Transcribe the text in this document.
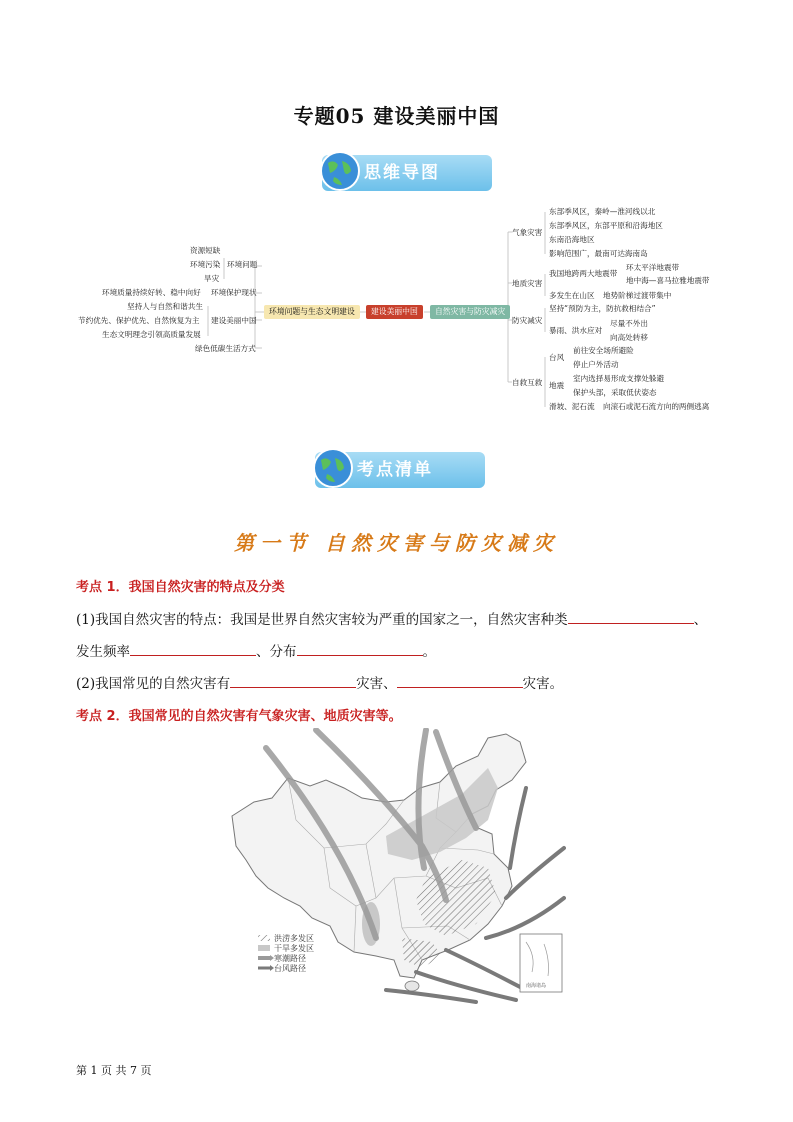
专题05 建设美丽中国
思维导图
环境问题与生态文明建设	建设美丽中国	自然灾害与防灾减灾
资源短缺
环境污染
旱灾
环境问题
环境质量持续好转、稳中向好 环境保护现状
坚持人与自然和谐共生
节约优先、保护优先、自然恢复为主 建设美丽中国
生态文明理念引领高质量发展
绿色低碳生活方式
气象灾害
东部季风区，秦岭—淮河线以北
东部季风区，东部平原和沿海地区
东南沿海地区
影响范围广，最南可达海南岛
地质灾害
我国地跨两大地震带
环太平洋地震带
地中海—喜马拉雅地震带
多发生在山区 地势阶梯过渡带集中
防灾减灾
坚持“预防为主，防抗救相结合”
暴雨、洪水应对
尽量不外出
向高处转移
自救互救
台风
前往安全场所避险
停止户外活动
地震
室内选择易形成支撑处躲避
保护头部，采取低伏姿态
滑坡、泥石流 向滚石或泥石流方向的两侧逃离
考点清单
第一节 自然灾害与防灾减灾
考点 1．我国自然灾害的特点及分类
(1)我国自然灾害的特点：我国是世界自然灾害较为严重的国家之一，自然灾害种类	、
发生频率	、分布	。
(2)我国常见的自然灾害有	灾害、	灾害。
考点 2．我国常见的自然灾害有气象灾害、地质灾害等。
南海诸岛
洪涝多发区
干旱多发区
寒潮路径
台风路径
第 1 页 共 7 页
